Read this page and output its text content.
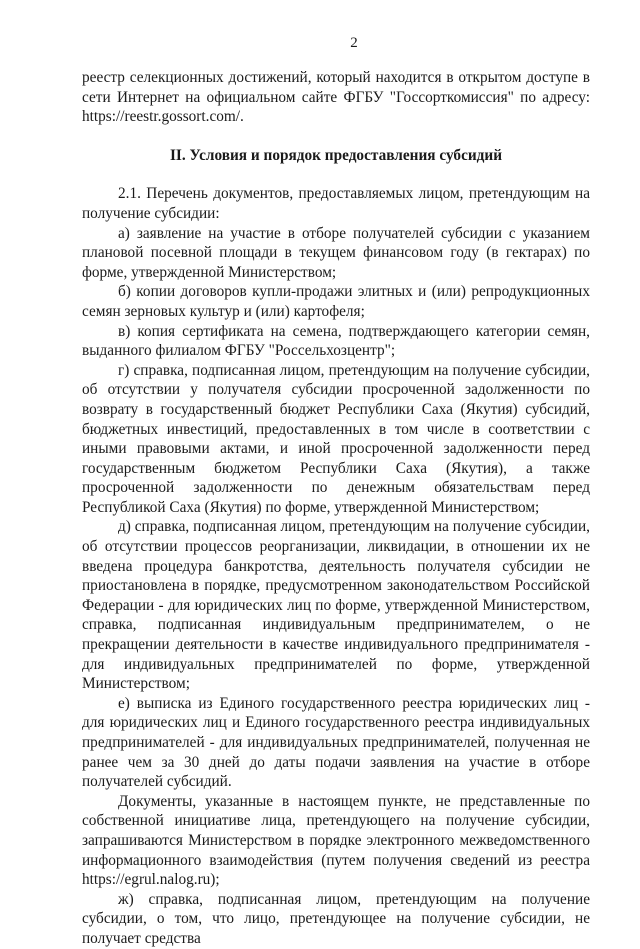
2

реестр селекционных достижений, который находится в открытом доступе в сети Интернет на официальном сайте ФГБУ "Госсорткомиссия" по адресу: https://reestr.gossort.com/.

II. Условия и порядок предоставления субсидий

2.1. Перечень документов, предоставляемых лицом, претендующим на получение субсидии:

а) заявление на участие в отборе получателей субсидии с указанием плановой посевной площади в текущем финансовом году (в гектарах) по форме, утвержденной Министерством;

б) копии договоров купли-продажи элитных и (или) репродукционных семян зерновых культур и (или) картофеля;

в) копия сертификата на семена, подтверждающего категории семян, выданного филиалом ФГБУ "Россельхозцентр";

г) справка, подписанная лицом, претендующим на получение субсидии, об отсутствии у получателя субсидии просроченной задолженности по возврату в государственный бюджет Республики Саха (Якутия) субсидий, бюджетных инвестиций, предоставленных в том числе в соответствии с иными правовыми актами, и иной просроченной задолженности перед государственным бюджетом Республики Саха (Якутия), а также просроченной задолженности по денежным обязательствам перед Республикой Саха (Якутия) по форме, утвержденной Министерством;

д) справка, подписанная лицом, претендующим на получение субсидии, об отсутствии процессов реорганизации, ликвидации, в отношении их не введена процедура банкротства, деятельность получателя субсидии не приостановлена в порядке, предусмотренном законодательством Российской Федерации - для юридических лиц по форме, утвержденной Министерством, справка, подписанная индивидуальным предпринимателем, о не прекращении деятельности в качестве индивидуального предпринимателя - для индивидуальных предпринимателей по форме, утвержденной Министерством;

е) выписка из Единого государственного реестра юридических лиц - для юридических лиц и Единого государственного реестра индивидуальных предпринимателей - для индивидуальных предпринимателей, полученная не ранее чем за 30 дней до даты подачи заявления на участие в отборе получателей субсидий.

Документы, указанные в настоящем пункте, не представленные по собственной инициативе лица, претендующего на получение субсидии, запрашиваются Министерством в порядке электронного межведомственного информационного взаимодействия (путем получения сведений из реестра https://egrul.nalog.ru);

ж) справка, подписанная лицом, претендующим на получение субсидии, о том, что лицо, претендующее на получение субсидии, не получает средства
